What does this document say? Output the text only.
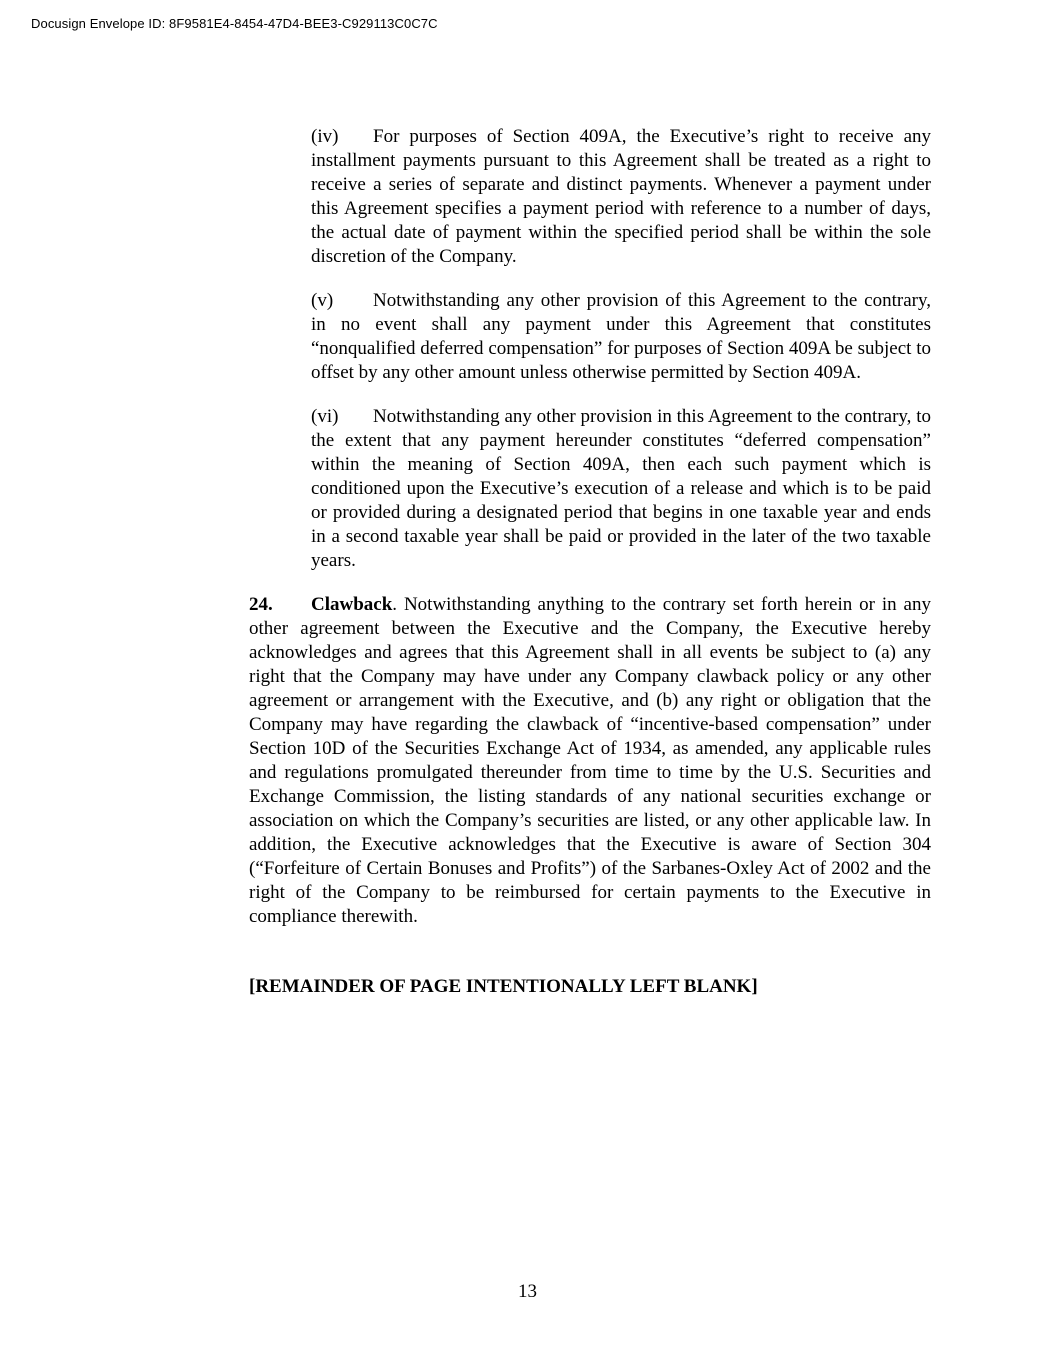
Docusign Envelope ID: 8F9581E4-8454-47D4-BEE3-C929113C0C7C

(iv) For purposes of Section 409A, the Executive’s right to receive any installment payments pursuant to this Agreement shall be treated as a right to receive a series of separate and distinct payments. Whenever a payment under this Agreement specifies a payment period with reference to a number of days, the actual date of payment within the specified period shall be within the sole discretion of the Company.

(v) Notwithstanding any other provision of this Agreement to the contrary, in no event shall any payment under this Agreement that constitutes “nonqualified deferred compensation” for purposes of Section 409A be subject to offset by any other amount unless otherwise permitted by Section 409A.

(vi) Notwithstanding any other provision in this Agreement to the contrary, to the extent that any payment hereunder constitutes “deferred compensation” within the meaning of Section 409A, then each such payment which is conditioned upon the Executive’s execution of a release and which is to be paid or provided during a designated period that begins in one taxable year and ends in a second taxable year shall be paid or provided in the later of the two taxable years.

24. Clawback. Notwithstanding anything to the contrary set forth herein or in any other agreement between the Executive and the Company, the Executive hereby acknowledges and agrees that this Agreement shall in all events be subject to (a) any right that the Company may have under any Company clawback policy or any other agreement or arrangement with the Executive, and (b) any right or obligation that the Company may have regarding the clawback of “incentive-based compensation” under Section 10D of the Securities Exchange Act of 1934, as amended, any applicable rules and regulations promulgated thereunder from time to time by the U.S. Securities and Exchange Commission, the listing standards of any national securities exchange or association on which the Company’s securities are listed, or any other applicable law. In addition, the Executive acknowledges that the Executive is aware of Section 304 (“Forfeiture of Certain Bonuses and Profits”) of the Sarbanes-Oxley Act of 2002 and the right of the Company to be reimbursed for certain payments to the Executive in compliance therewith.

[REMAINDER OF PAGE INTENTIONALLY LEFT BLANK]
13
